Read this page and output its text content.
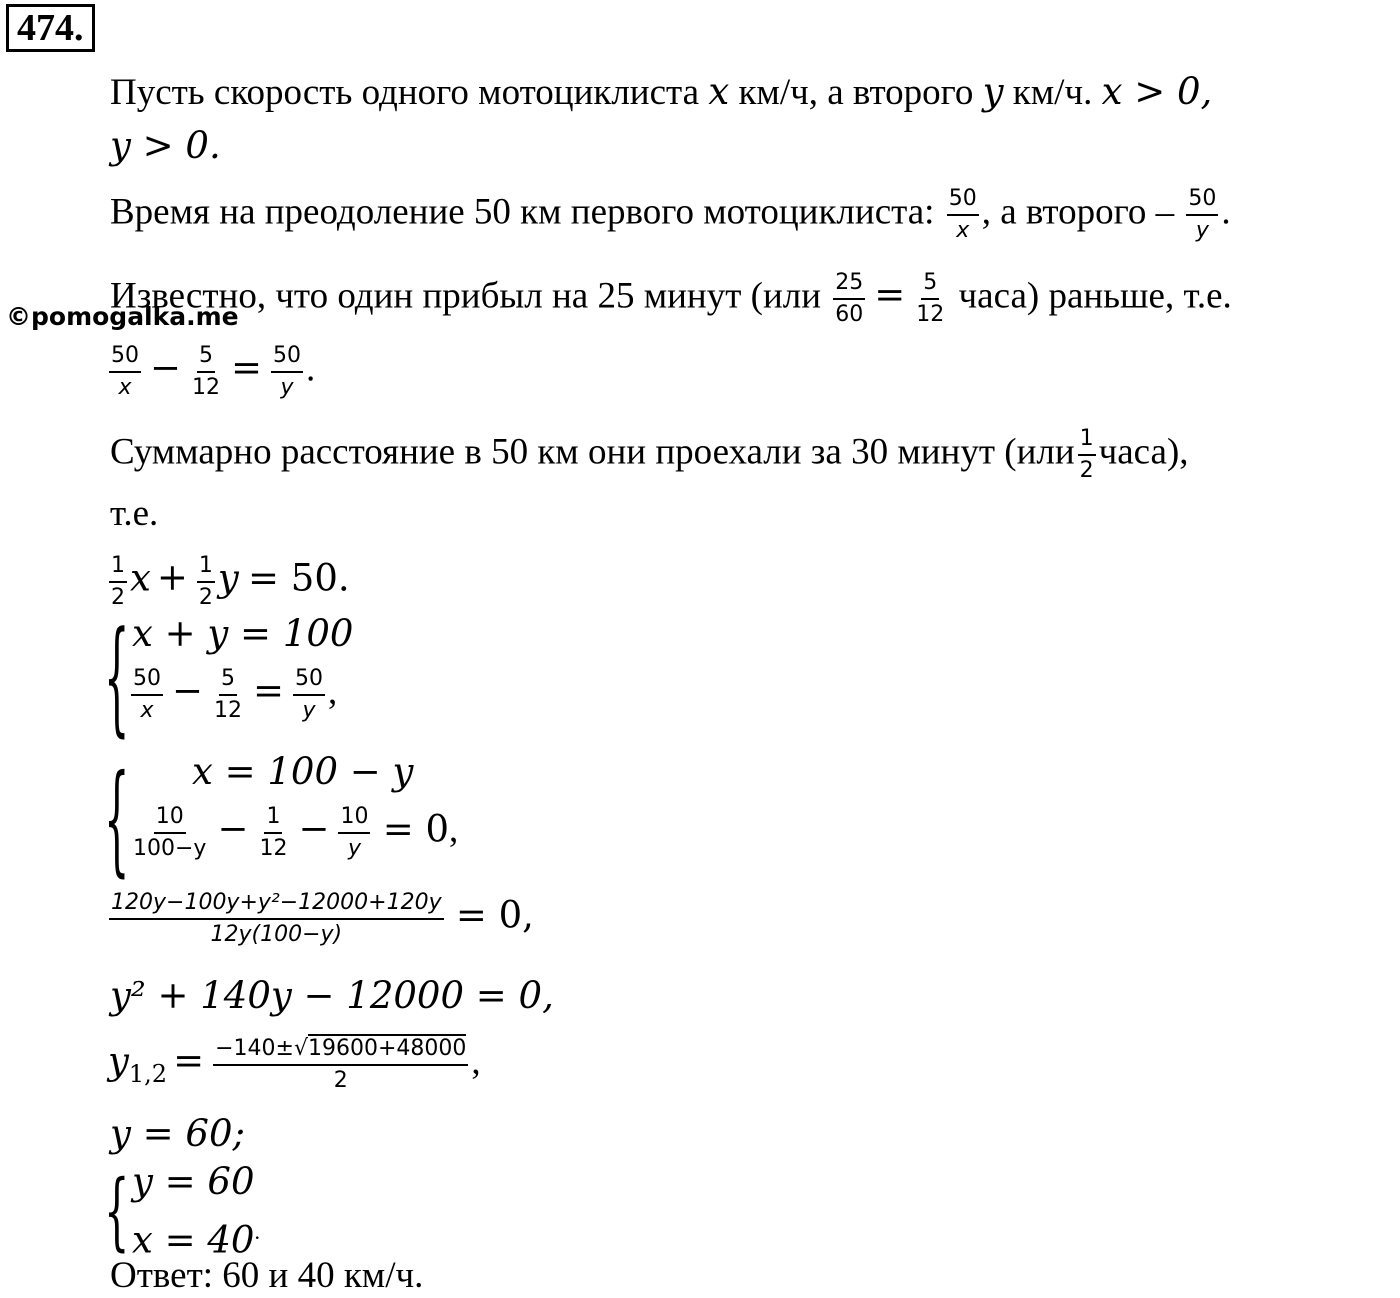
474.
Пусть скорость одного мотоциклиста x км/ч, а второго y км/ч. x > 0,
y > 0.
Время на преодоление 50 км первого мотоциклиста: $\frac{50}{x}$ , а второго – $\frac{50}{y}$ .
Известно, что один прибыл на 25 минут ($или \frac{25}{60} = \frac{5}{12}$ часа) раньше, т.е.
©pomogalka.me
$\frac{50}{x} - \frac{5}{12} = \frac{50}{y}$ .
Суммарно расстояние в 50 км они проехали за 30 минут ($или \frac{1}{2}$ часа),
т.е.
$\frac{1}{2}$ $x + \frac{1}{2}$ y = 50.
{ x + y = 100
$\frac{50}{x} - \frac{5}{12} = \frac{50}{y}$ ,
{ x = 100 − y
$\frac{10}{100-y} - \frac{1}{12} - \frac{10}{y} = 0$,
$\frac{\text{120y−100y+y²−12000+120y}}{12y(100-y)} = 0$,
y² + 140y − 12000 = 0,
$y_{1,2} = \frac{-140\pm√19600+48000}{2}$ ,
y = 60;
{ y = 60
x = 40.
Ответ: 60 и 40 км/ч.
